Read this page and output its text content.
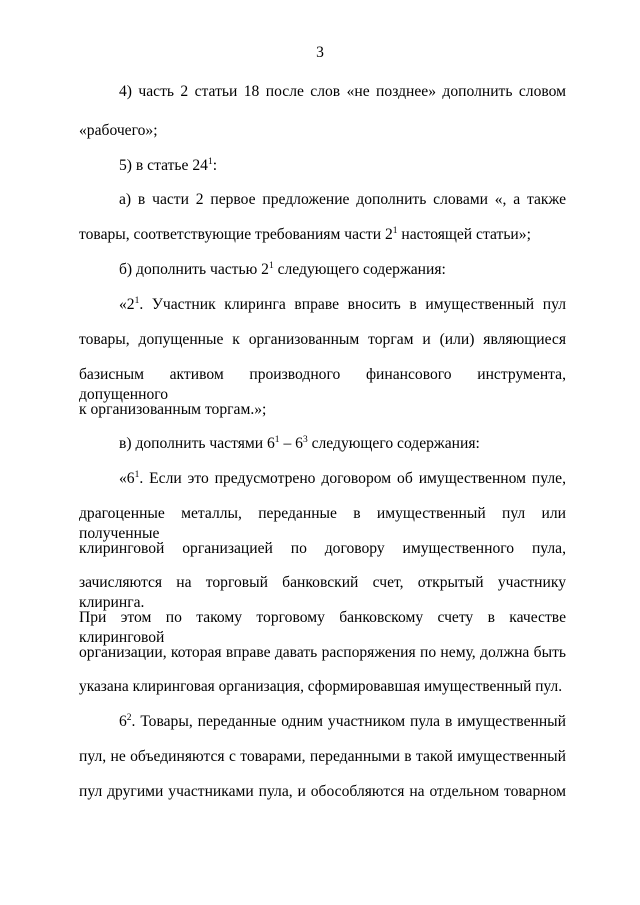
3
4) часть 2 статьи 18 после слов «не позднее» дополнить словом
«рабочего»;
5) в статье $24^1$:
а) в части 2 первое предложение дополнить словами «, а также
товары, соответствующие требованиям части $2^1$ настоящей статьи»;
б) дополнить частью $2^1$ следующего содержания:
«$2^1$. Участник клиринга вправе вносить в имущественный пул
товары, допущенные к организованным торгам и (или) являющиеся
базисным активом производного финансового инструмента, допущенного
к организованным торгам.»;
в) дополнить частями $6^1 - 6^3$ следующего содержания:
«$6^1$. Если это предусмотрено договором об имущественном пуле,
драгоценные металлы, переданные в имущественный пул или полученные
клиринговой организацией по договору имущественного пула,
зачисляются на торговый банковский счет, открытый участнику клиринга.
При этом по такому торговому банковскому счету в качестве клиринговой
организации, которая вправе давать распоряжения по нему, должна быть
указана клиринговая организация, сформировавшая имущественный пул.
$6^2$. Товары, переданные одним участником пула в имущественный
пул, не объединяются с товарами, переданными в такой имущественный
пул другими участниками пула, и обособляются на отдельном товарном
